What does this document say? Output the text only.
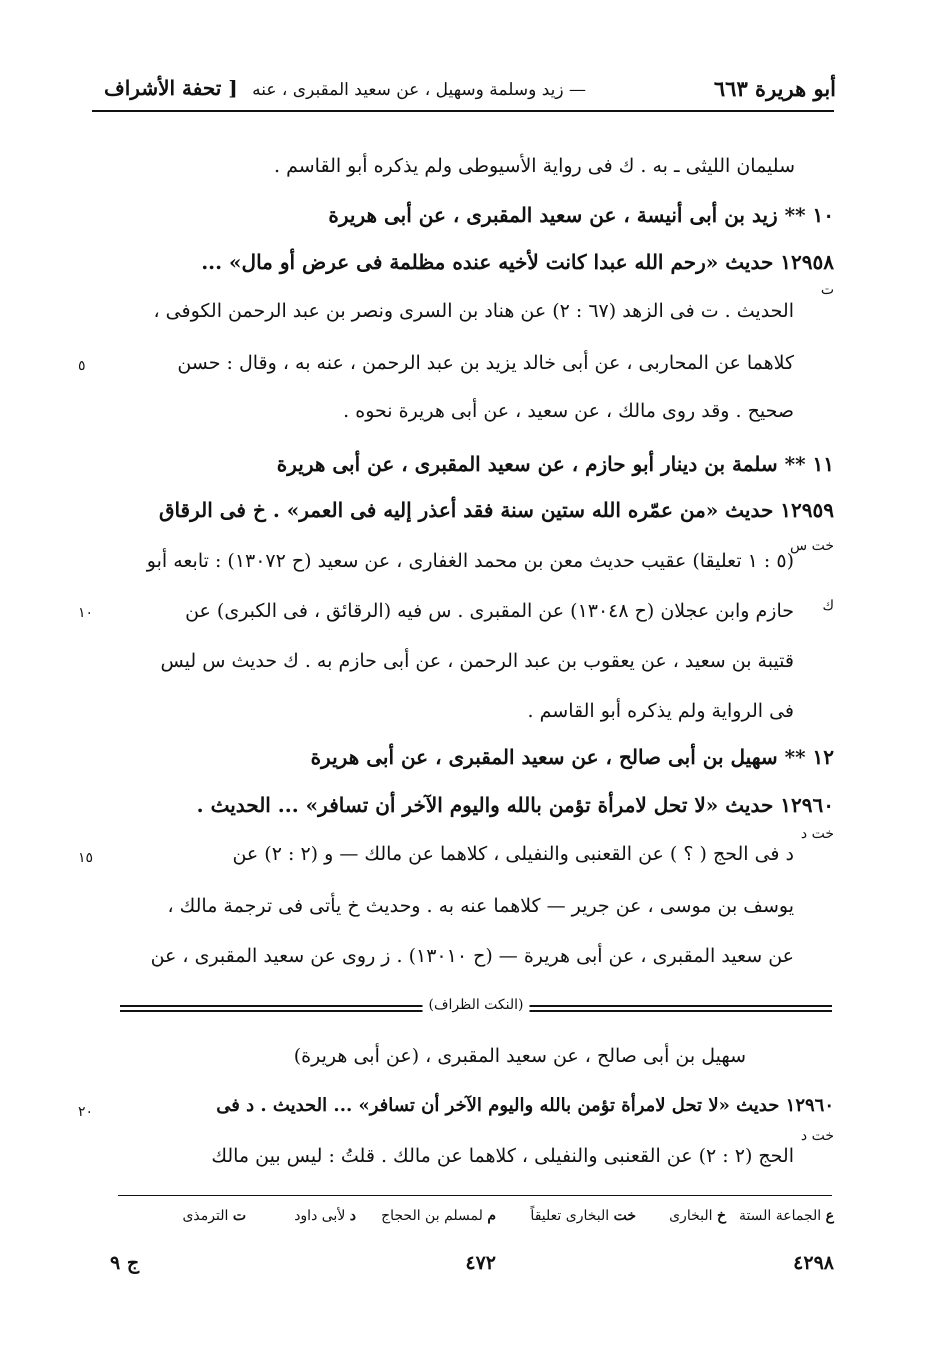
أبو هريرة ٦٦٣
— زيد وسلمة وسهيل ، عن سعيد المقبرى ، عنه
[ تحفة الأشراف
سليمان الليثى ـ به . ك فى رواية الأسيوطى ولم يذكره أبو القاسم .
١٠ ** زيد بن أبى أنيسة ، عن سعيد المقبرى ، عن أبى هريرة
١٢٩٥٨ حديث «رحم الله عبدا كانت لأخيه عنده مظلمة فى عرض أو مال» ...
الحديث . ت فى الزهد (٦٧ : ٢) عن هناد بن السرى ونصر بن عبد الرحمن الكوفى ،
كلاهما عن المحاربى ، عن أبى خالد يزيد بن عبد الرحمن ، عنه به ، وقال : حسن
صحيح . وقد روى مالك ، عن سعيد ، عن أبى هريرة نحوه .
١١ ** سلمة بن دينار أبو حازم ، عن سعيد المقبرى ، عن أبى هريرة
١٢٩٥٩ حديث «من عمّره الله ستين سنة فقد أعذر إليه فى العمر» . خ فى الرقاق
(٥ : ١ تعليقا) عقيب حديث معن بن محمد الغفارى ، عن سعيد (ح ١٣٠٧٢) : تابعه أبو
حازم وابن عجلان (ح ١٣٠٤٨) عن المقبرى . س فيه (الرقائق ، فى الكبرى) عن
قتيبة بن سعيد ، عن يعقوب بن عبد الرحمن ، عن أبى حازم به . ك حديث س ليس
فى الرواية ولم يذكره أبو القاسم .
١٢ ** سهيل بن أبى صالح ، عن سعيد المقبرى ، عن أبى هريرة
١٢٩٦٠ حديث «لا تحل لامرأة تؤمن بالله واليوم الآخر أن تسافر» ... الحديث .
د فى الحج ( ؟ ) عن القعنبى والنفيلى ، كلاهما عن مالك — و (٢ : ٢) عن
يوسف بن موسى ، عن جرير — كلاهما عنه به . وحديث خ يأتى فى ترجمة مالك ،
عن سعيد المقبرى ، عن أبى هريرة — (ح ١٣٠١٠) . ز روى عن سعيد المقبرى ، عن
ت
خت س
ك
خت د
خت د
٥
١٠
١٥
٢٠
(النكت الظراف)
سهيل بن أبى صالح ، عن سعيد المقبرى ، (عن أبى هريرة)
١٢٩٦٠ حديث «لا تحل لامرأة تؤمن بالله واليوم الآخر أن تسافر» ... الحديث . د فى
الحج (٢ : ٢) عن القعنبى والنفيلى ، كلاهما عن مالك . قلتُ : ليس بين مالك
ع الجماعة الستة
خ البخارى
خت البخارى تعليقاً
م لمسلم بن الحجاج
د لأبى داود
ت الترمذى
٤٢٩٨
٤٧٢
ج ٩
